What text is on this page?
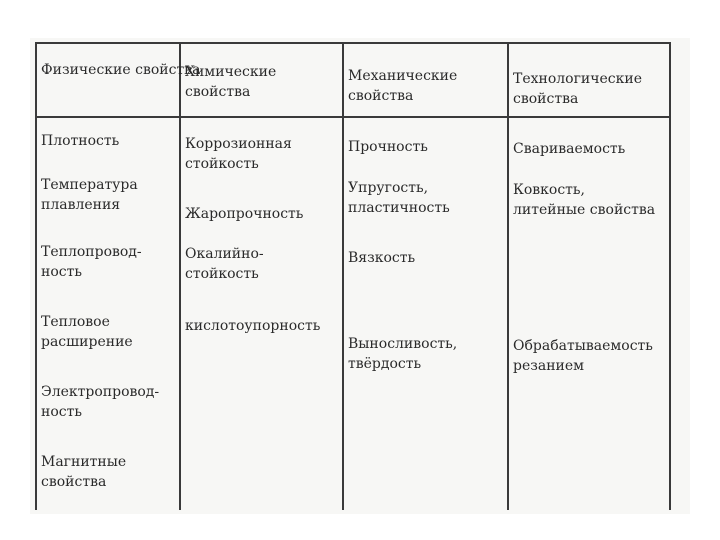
Физические свойства
Химические свойства
Механические свойства
Технологические свойства
Плотность
Температура
плавления
Теплопровод-
ность
Тепловое
расширение
Электропровод-
ность
Магнитные
свойства
Коррозионная
стойкость
Жаропрочность
Окалийно-
стойкость
кислотоупорность
Прочность
Упругость,
пластичность
Вязкость
Выносливость,
твёрдость
Свариваемость
Ковкость,
литейные свойства
Обрабатываемость
резанием
